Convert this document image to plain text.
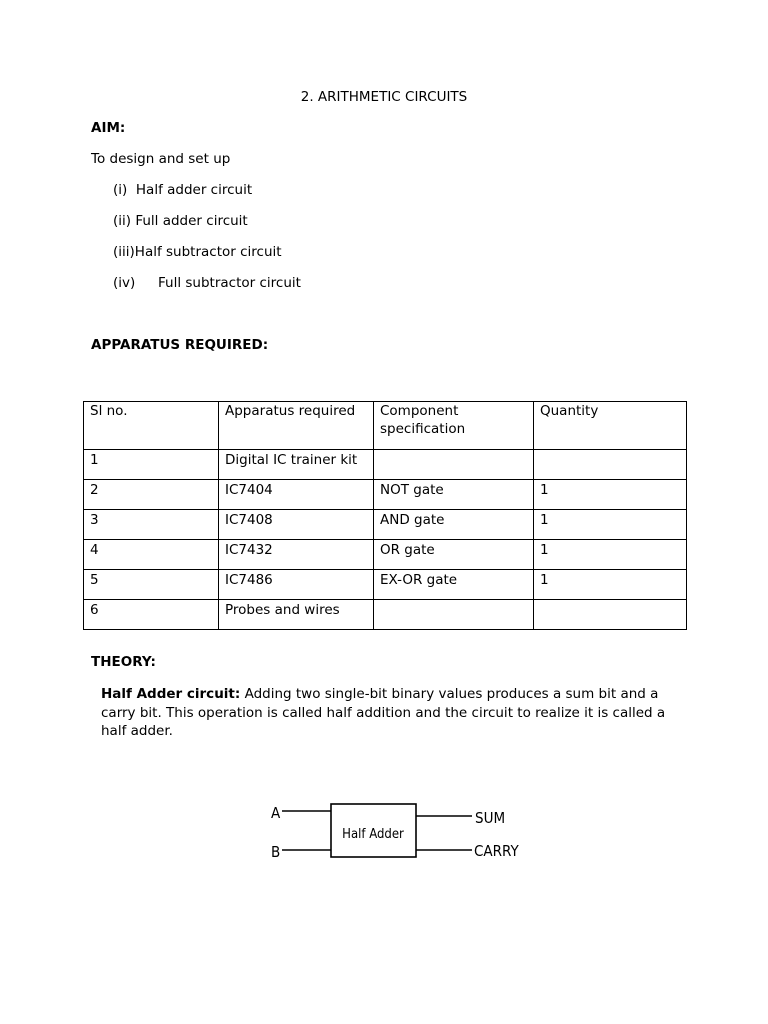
2. ARITHMETIC CIRCUITS
AIM:
To design and set up
(i) Half adder circuit
(ii) Full adder circuit
(iii)Half subtractor circuit
(iv) Full subtractor circuit
APPARATUS REQUIRED:
Sl no.	Apparatus required	Component specification	Quantity
1	Digital IC trainer kit		
2	IC7404	NOT gate	1
3	IC7408	AND gate	1
4	IC7432	OR gate	1
5	IC7486	EX-OR gate	1
6	Probes and wires		
THEORY:
Half Adder circuit: Adding two single-bit binary values produces a sum bit and a carry bit. This operation is called half addition and the circuit to realize it is called a half adder.
A
B
Half Adder
SUM
CARRY
